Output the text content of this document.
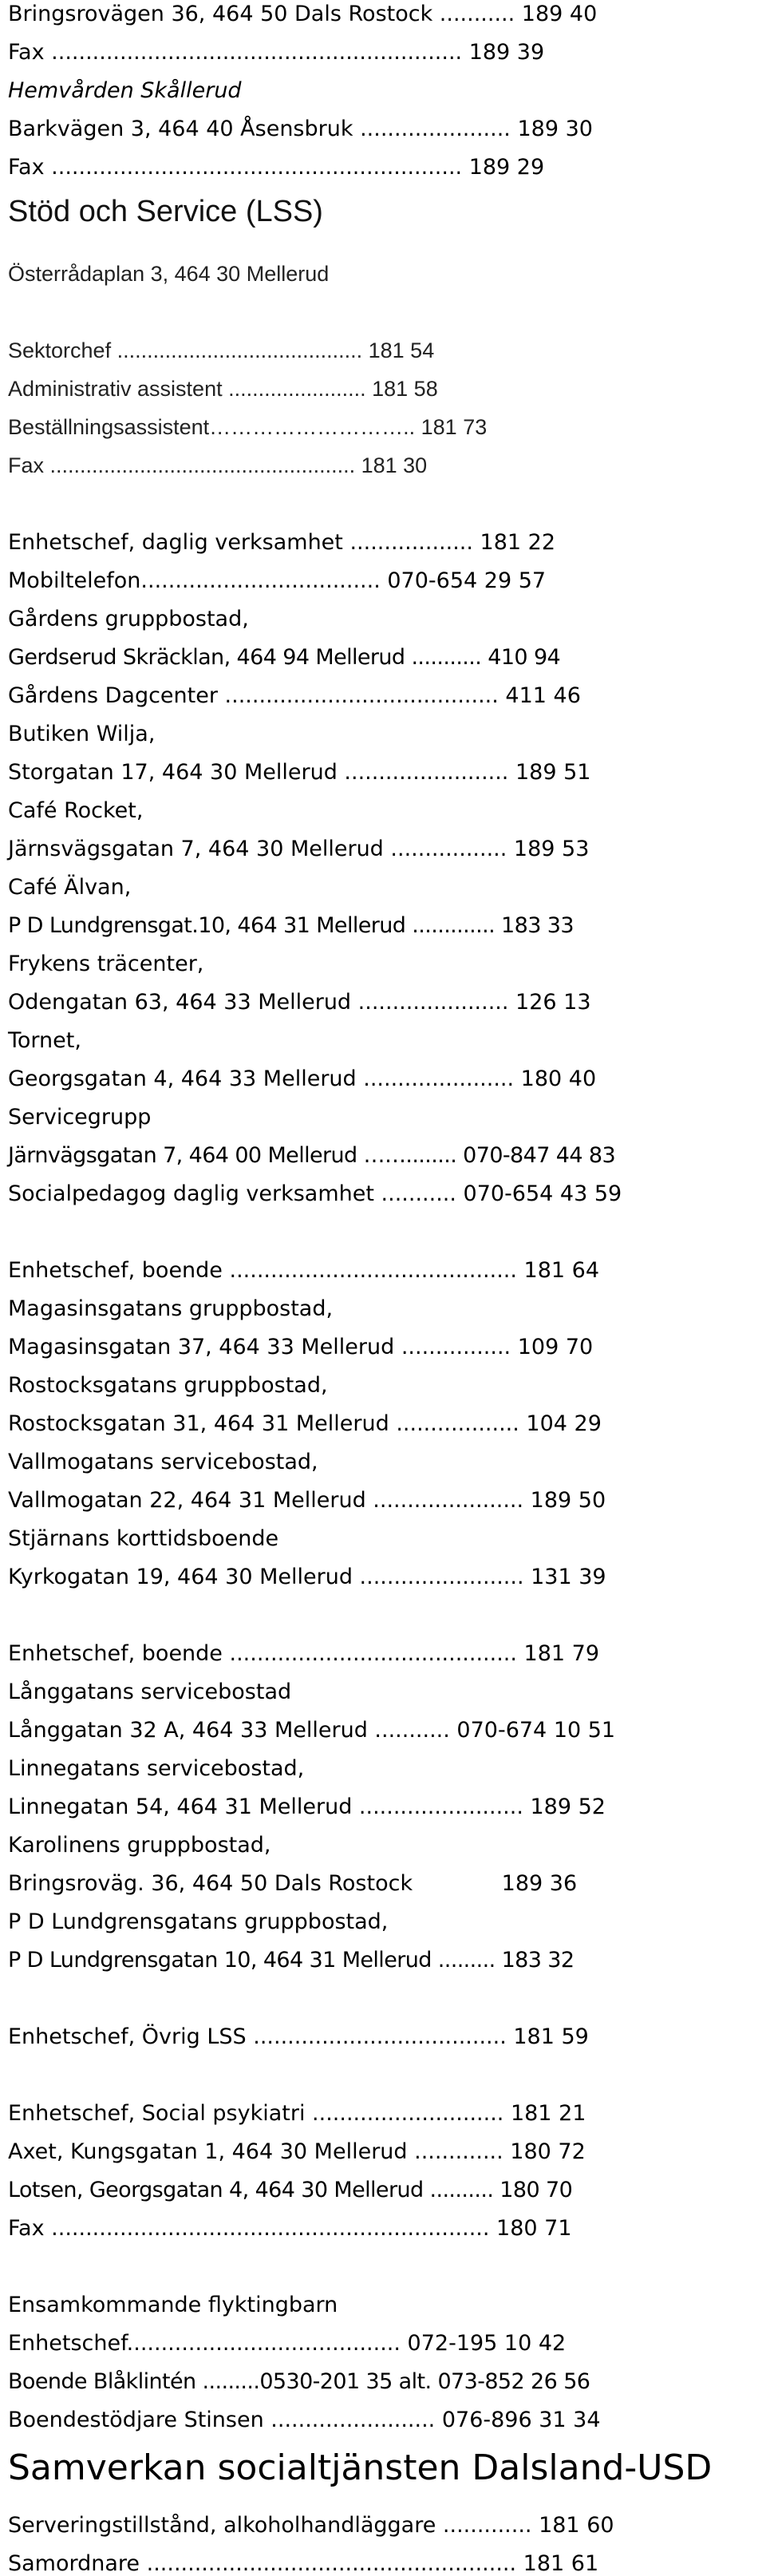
Bringsrovägen 36, 464 50 Dals Rostock ........... 189 40
Fax ............................................................ 189 39
Hemvården Skållerud
Barkvägen 3, 464 40 Åsensbruk ...................... 189 30
Fax ............................................................ 189 29
Stöd och Service (LSS)
Österrådaplan 3, 464 30 Mellerud
Sektorchef ......................................... 181 54
Administrativ assistent ....................... 181 58
Beställningsassistent……………………….. 181 73
Fax ................................................... 181 30
Enhetschef, daglig verksamhet .................. 181 22
Mobiltelefon................................... 070-654 29 57
Gårdens gruppbostad,
Gerdserud Skräcklan, 464 94 Mellerud ........... 410 94
Gårdens Dagcenter ........................................ 411 46
Butiken Wilja,
Storgatan 17, 464 30 Mellerud ........................ 189 51
Café Rocket,
Järnsvägsgatan 7, 464 30 Mellerud ................. 189 53
Café Älvan,
P D Lundgrensgat.10, 464 31 Mellerud ............. 183 33
Frykens träcenter,
Odengatan 63, 464 33 Mellerud ...................... 126 13
Tornet,
Georgsgatan 4, 464 33 Mellerud ...................... 180 40
Servicegrupp
Järnvägsgatan 7, 464 00 Mellerud ……........ 070-847 44 83
Socialpedagog daglig verksamhet ........... 070-654 43 59
Enhetschef, boende .......................................... 181 64
Magasinsgatans gruppbostad,
Magasinsgatan 37, 464 33 Mellerud ................ 109 70
Rostocksgatans gruppbostad,
Rostocksgatan 31, 464 31 Mellerud .................. 104 29
Vallmogatans servicebostad,
Vallmogatan 22, 464 31 Mellerud ...................... 189 50
Stjärnans korttidsboende
Kyrkogatan 19, 464 30 Mellerud ........................ 131 39
Enhetschef, boende .......................................... 181 79
Långgatans servicebostad
Långgatan 32 A, 464 33 Mellerud ........... 070-674 10 51
Linnegatans servicebostad,
Linnegatan 54, 464 31 Mellerud ........................ 189 52
Karolinens gruppbostad,
Bringsroväg. 36, 464 50 Dals Rostock             189 36
P D Lundgrensgatans gruppbostad,
P D Lundgrensgatan 10, 464 31 Mellerud ......... 183 32
Enhetschef, Övrig LSS ..................................... 181 59
Enhetschef, Social psykiatri ............................ 181 21
Axet, Kungsgatan 1, 464 30 Mellerud ............. 180 72
Lotsen, Georgsgatan 4, 464 30 Mellerud .......... 180 70
Fax ................................................................ 180 71
Ensamkommande flyktingbarn
Enhetschef........................................ 072-195 10 42
Boende Blåklintén .........0530-201 35 alt. 073-852 26 56
Boendestödjare Stinsen ........................ 076-896 31 34
Samverkan socialtjänsten Dalsland-USD
Serveringstillstånd, alkoholhandläggare ............. 181 60
Samordnare ...................................................... 181 61
